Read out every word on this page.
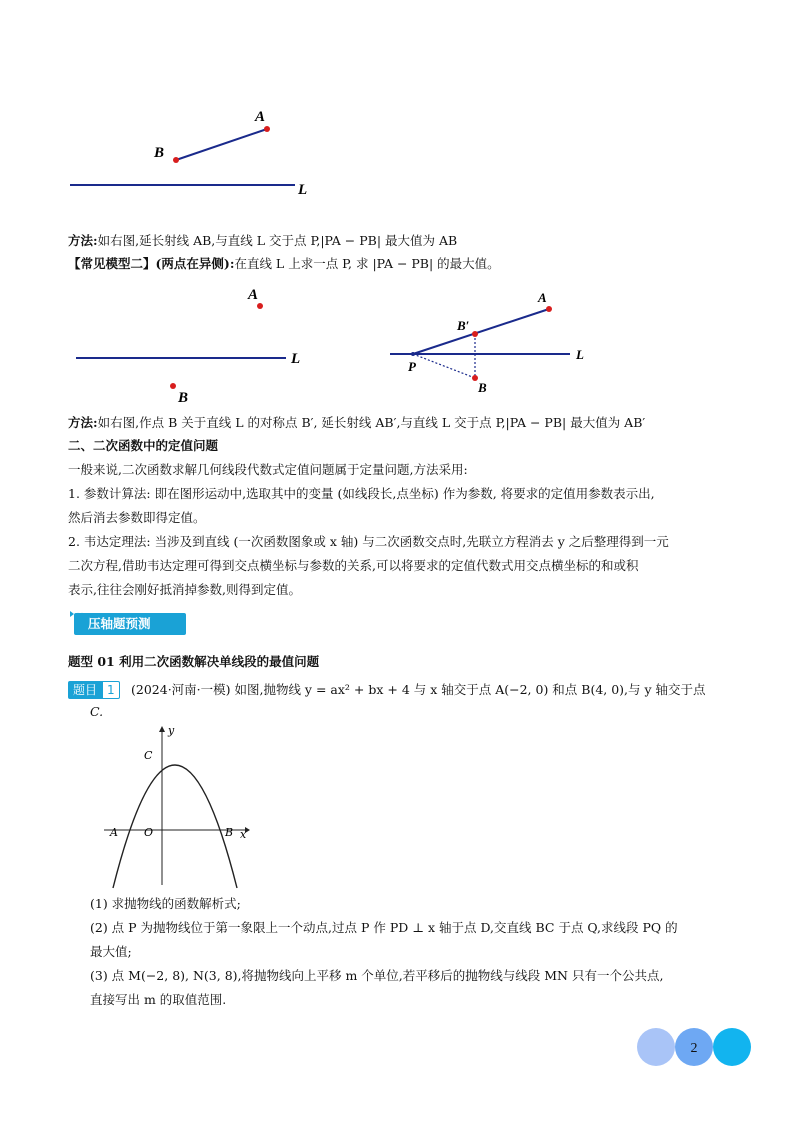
A
B
L
方法:如右图,延长射线 AB,与直线 L 交于点 P,|PA − PB| 最大值为 AB
【常见模型二】(两点在异侧):在直线 L 上求一点 P, 求 |PA − PB| 的最大值。
A
B
L
A
B′
P
B
L
方法:如右图,作点 B 关于直线 L 的对称点 B′, 延长射线 AB′,与直线 L 交于点 P,|PA − PB| 最大值为 AB′
二、二次函数中的定值问题
一般来说,二次函数求解几何线段代数式定值问题属于定量问题,方法采用:
1. 参数计算法: 即在图形运动中,选取其中的变量 (如线段长,点坐标) 作为参数, 将要求的定值用参数表示出,
然后消去参数即得定值。
2. 韦达定理法: 当涉及到直线 (一次函数图象或 x 轴) 与二次函数交点时,先联立方程消去 y 之后整理得到一元
二次方程,借助韦达定理可得到交点横坐标与参数的关系,可以将要求的定值代数式用交点横坐标的和或积
表示,往往会刚好抵消掉参数,则得到定值。
压轴题预测
题型 01 利用二次函数解决单线段的最值问题
题目 1	(2024·河南·一模) 如图,抛物线 y = ax² + bx + 4 与 x 轴交于点 A(−2, 0) 和点 B(4, 0),与 y 轴交于点
C.
y
x
C
A O	B
(1) 求抛物线的函数解析式;
(2) 点 P 为抛物线位于第一象限上一个动点,过点 P 作 PD ⊥ x 轴于点 D,交直线 BC 于点 Q,求线段 PQ 的
最大值;
(3) 点 M(−2, 8), N(3, 8),将抛物线向上平移 m 个单位,若平移后的抛物线与线段 MN 只有一个公共点,
直接写出 m 的取值范围.
2
